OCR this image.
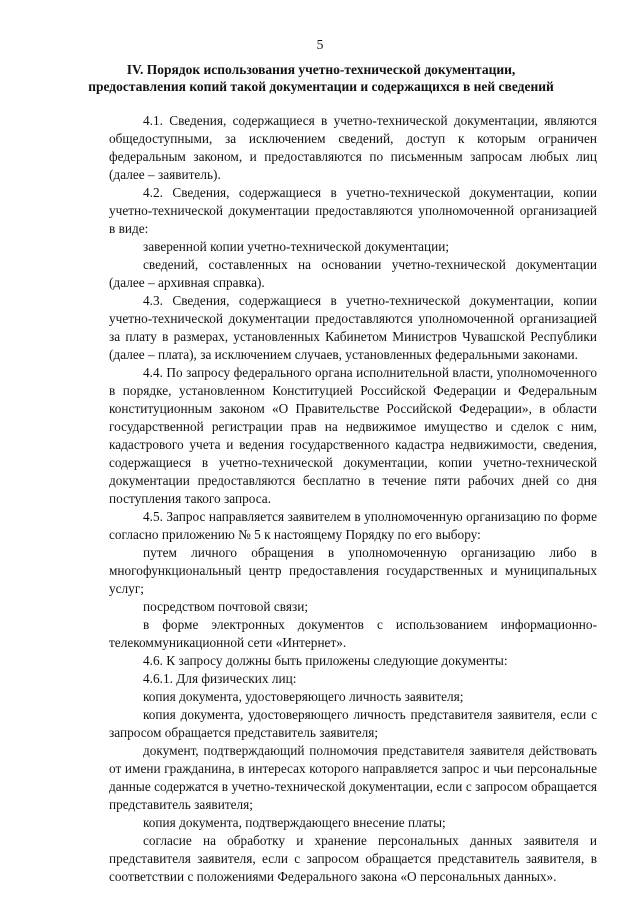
5
IV. Порядок использования учетно-технической документации,
предоставления копий такой документации и содержащихся в ней сведений

4.1. Сведения, содержащиеся в учетно-технической документации, являются общедоступными, за исключением сведений, доступ к которым ограничен федеральным законом, и предоставляются по письменным запросам любых лиц (далее – заявитель).

4.2. Сведения, содержащиеся в учетно-технической документации, копии учетно-технической документации предоставляются уполномоченной организацией в виде:

заверенной копии учетно-технической документации;

сведений, составленных на основании учетно-технической документации (далее – архивная справка).

4.3. Сведения, содержащиеся в учетно-технической документации, копии учетно-технической документации предоставляются уполномоченной организацией за плату в размерах, установленных Кабинетом Министров Чувашской Республики (далее – плата), за исключением случаев, установленных федеральными законами.

4.4. По запросу федерального органа исполнительной власти, уполномоченного в порядке, установленном Конституцией Российской Федерации и Федеральным конституционным законом «О Правительстве Российской Федерации», в области государственной регистрации прав на недвижимое имущество и сделок с ним, кадастрового учета и ведения государственного кадастра недвижимости, сведения, содержащиеся в учетно-технической документации, копии учетно-технической документации предоставляются бесплатно в течение пяти рабочих дней со дня поступления такого запроса.

4.5. Запрос направляется заявителем в уполномоченную организацию по форме согласно приложению № 5 к настоящему Порядку по его выбору:

путем личного обращения в уполномоченную организацию либо в многофункциональный центр предоставления государственных и муниципальных услуг;

посредством почтовой связи;

в форме электронных документов с использованием информационно-телекоммуникационной сети «Интернет».

4.6. К запросу должны быть приложены следующие документы:

4.6.1. Для физических лиц:

копия документа, удостоверяющего личность заявителя;

копия документа, удостоверяющего личность представителя заявителя, если с запросом обращается представитель заявителя;

документ, подтверждающий полномочия представителя заявителя действовать от имени гражданина, в интересах которого направляется запрос и чьи персональные данные содержатся в учетно-технической документации, если с запросом обращается представитель заявителя;

копия документа, подтверждающего внесение платы;

согласие на обработку и хранение персональных данных заявителя и представителя заявителя, если с запросом обращается представитель заявителя, в соответствии с положениями Федерального закона «О персональных данных».
